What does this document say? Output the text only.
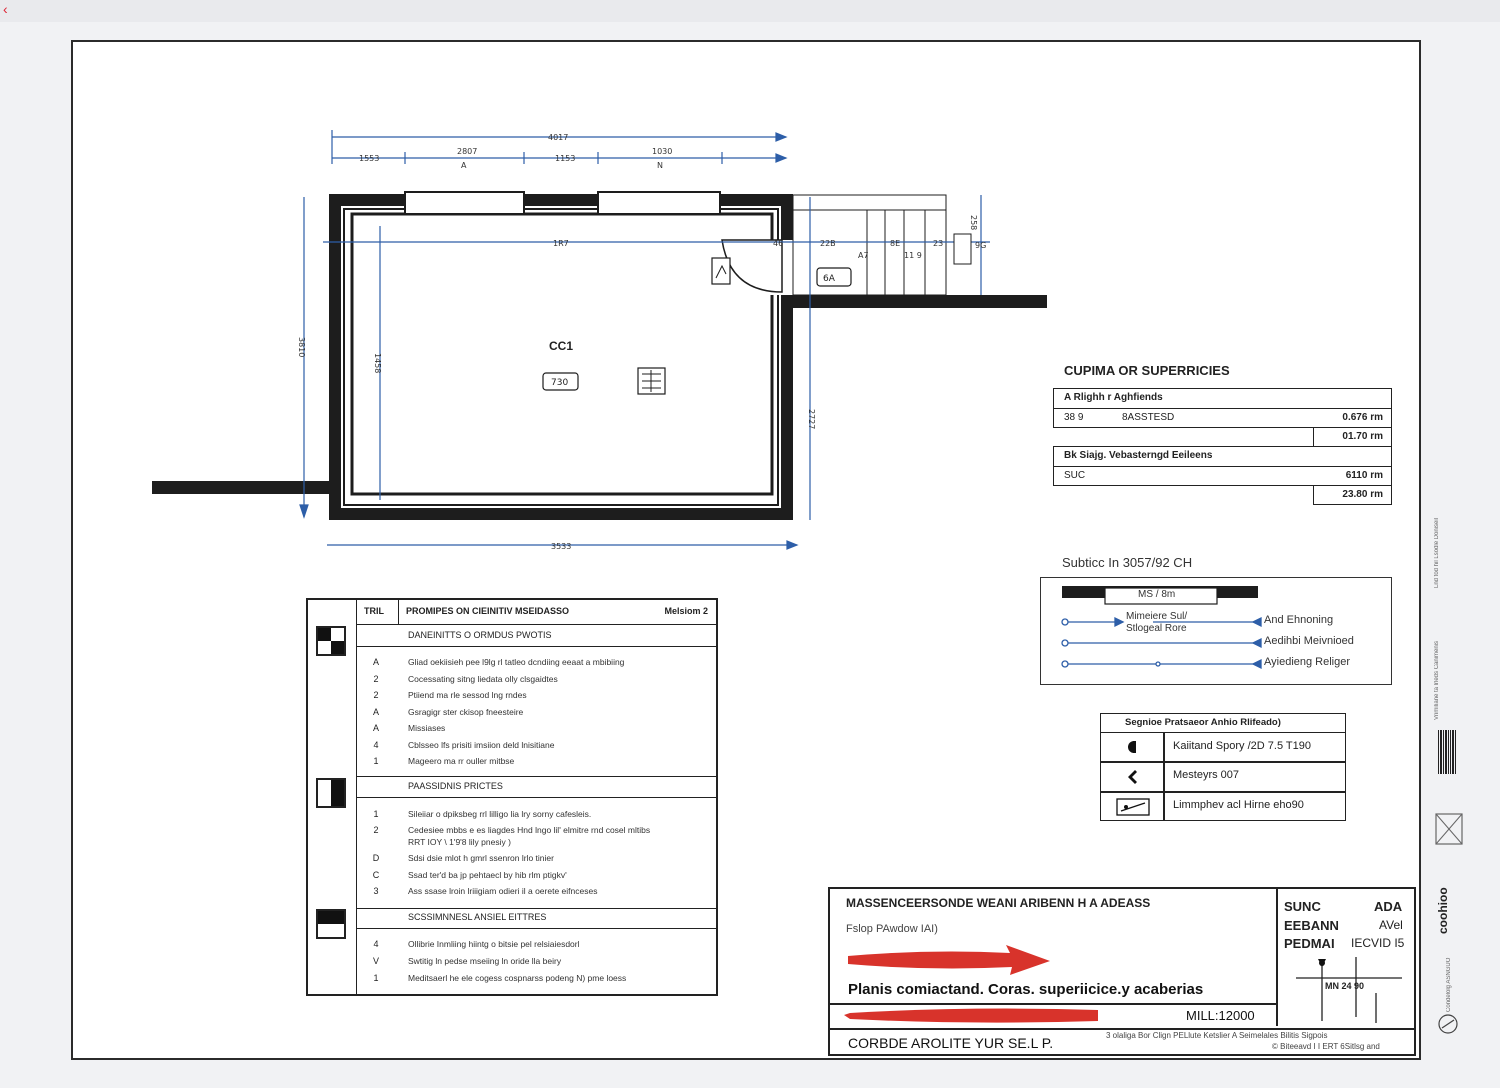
‹
4017
1553
2807
1153
1030
A	N
1R7
3810
1458
2727
3533
258
46	22B
A7
8E
11 9
23	9G
6A
CC1
730
CUPIMA OR SUPERRICIES
A Rlighh r Aghfiends
38 9	8ASSTESD	0.676 rm
01.70 rm
Bk Siajg. Vebasterngd Eeileens
SUC	6110 rm
23.80 rm
TRIL PROMIPES ON CIEINITIV MSEIDASSO	Melsiom 2
DANEINITTS O ORMDUS PWOTIS
A	Gliad oekiisieh pee l9lg rl tatleo dcndiing eeaat a mbibiing
2	Cocessating sitng liedata olly clsgaidtes
2	Ptiiend ma rle sessod lng rndes
A	Gsragigr ster ckisop fneesteire
A	Missiases
4	Cblsseo lfs prisiti imsiion deld lnisitiane
1	Mageero ma rr ouller mitbse
PAASSIDNIS PRICTES
1	Sileiiar o dpiksbeg rrl lilligo lia lry sorny cafesleis.
2	Cedesiee mbbs e es liagdes Hnd lngo lil' elmitre rnd cosel mltibs
RRT IOY \ 1'9'8 lily pnesiy )
D	Sdsi dsie mlot h gmrl ssenron lrlo tinier
C	Ssad ter'd ba jp pehtaecl by hib rlm ptigkv'
3	Ass ssase lroin lriiigiam odieri il a oerete eifnceses
SCSSIMNNESL ANSIEL EITTRES
4	Ollibrie Inmliing hiintg o bitsie pel relsiaiesdorl
V	Swtitig ln pedse mseiing ln oride lla beiry
1	Meditsaerl he ele cogess cospnarss podeng N) pme loess
Subticc In 3057/92 CH
MS / 8m
Mimeiere Sul/ Stlogeal Rore
And Ehnoning
Aedihbi Meivnioed
Ayiedieng Religer
Segnioe Pratsaeor Anhio Rlifeado)
Kaiitand Spory /2D 7.5 T190
Mesteyrs 007
Limmphev acl Hirne eho90
MASSENCEERSONDE WEANI ARIBENN H A ADEASS
Fslop PAwdow IAI)
Planis comiactand. Coras. superiicice.y acaberias
MILL:12000
CORBDE AROLITE YUR SE.L P.	3 olaliga Bor Clign PELlute Ketslier A Seimelales Bilitis Sigpois
© Biteeavd I I ERT 6Sitlsg and
SUNC	ADA
EEBANN	AVel
PEDMAI IECVID I5
MN 24 90
Lnd tod hil Lsodle Doniseil
Vnmiliane ta lrleds Canimenis
coohioo
Condelolg ASNGUO
